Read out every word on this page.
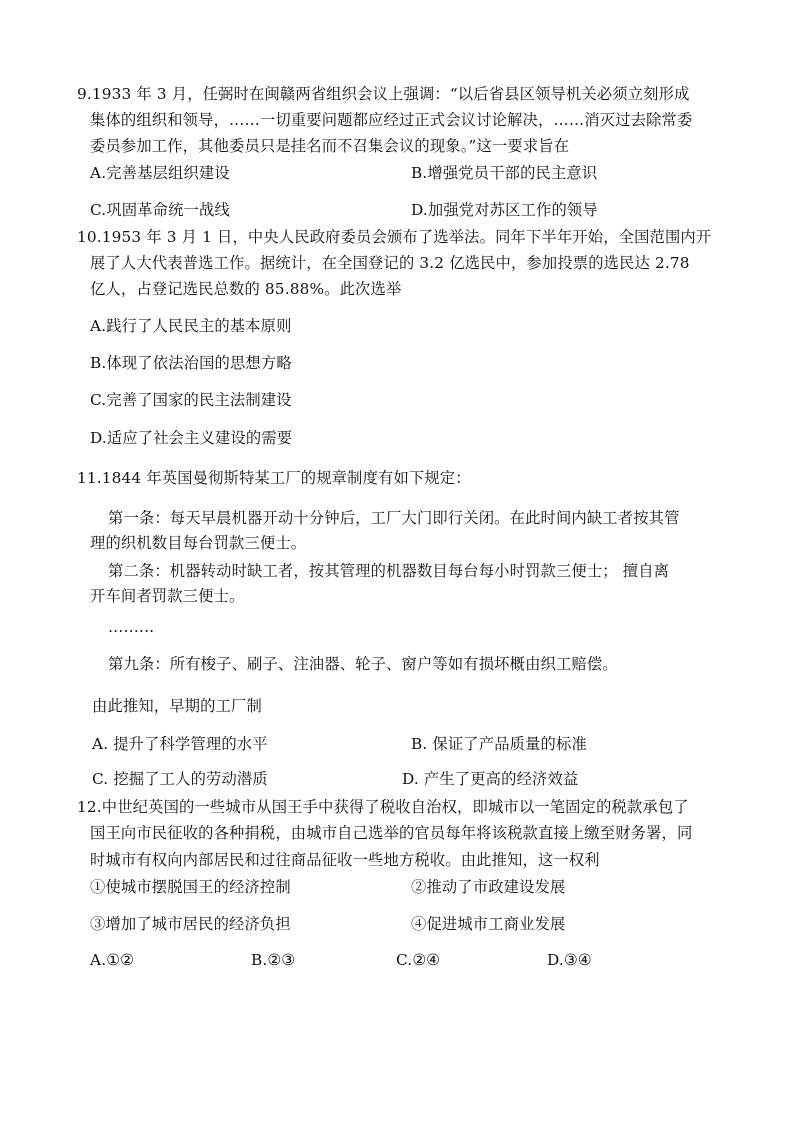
9.1933 年 3 月，任弼时在闽赣两省组织会议上强调：“以后省县区领导机关必须立刻形成
集体的组织和领导，……一切重要问题都应经过正式会议讨论解决，……消灭过去除常委
委员参加工作，其他委员只是挂名而不召集会议的现象。”这一要求旨在
A.完善基层组织建设	B.增强党员干部的民主意识
C.巩固革命统一战线	D.加强党对苏区工作的领导
10.1953 年 3 月 1 日，中央人民政府委员会颁布了选举法。同年下半年开始，全国范围内开
展了人大代表普选工作。据统计，在全国登记的 3.2 亿选民中，参加投票的选民达 2.78
亿人，占登记选民总数的 85.88%。此次选举
A.践行了人民民主的基本原则
B.体现了依法治国的思想方略
C.完善了国家的民主法制建设
D.适应了社会主义建设的需要
11.1844 年英国曼彻斯特某工厂的规章制度有如下规定：
第一条：每天早晨机器开动十分钟后，工厂大门即行关闭。在此时间内缺工者按其管
理的织机数目每台罚款三便士。
第二条：机器转动时缺工者，按其管理的机器数目每台每小时罚款三便士； 擅自离
开车间者罚款三便士。
………
第九条：所有梭子、刷子、注油器、轮子、窗户等如有损坏概由织工赔偿。
由此推知，早期的工厂制
A. 提升了科学管理的水平	B. 保证了产品质量的标准
C. 挖掘了工人的劳动潜质	D. 产生了更高的经济效益
12.中世纪英国的一些城市从国王手中获得了税收自治权，即城市以一笔固定的税款承包了
国王向市民征收的各种捐税，由城市自己选举的官员每年将该税款直接上缴至财务署，同
时城市有权向内部居民和过往商品征收一些地方税收。由此推知，这一权利
①使城市摆脱国王的经济控制	②推动了市政建设发展
③增加了城市居民的经济负担	④促进城市工商业发展
A.①②	B.②③	C.②④	D.③④
